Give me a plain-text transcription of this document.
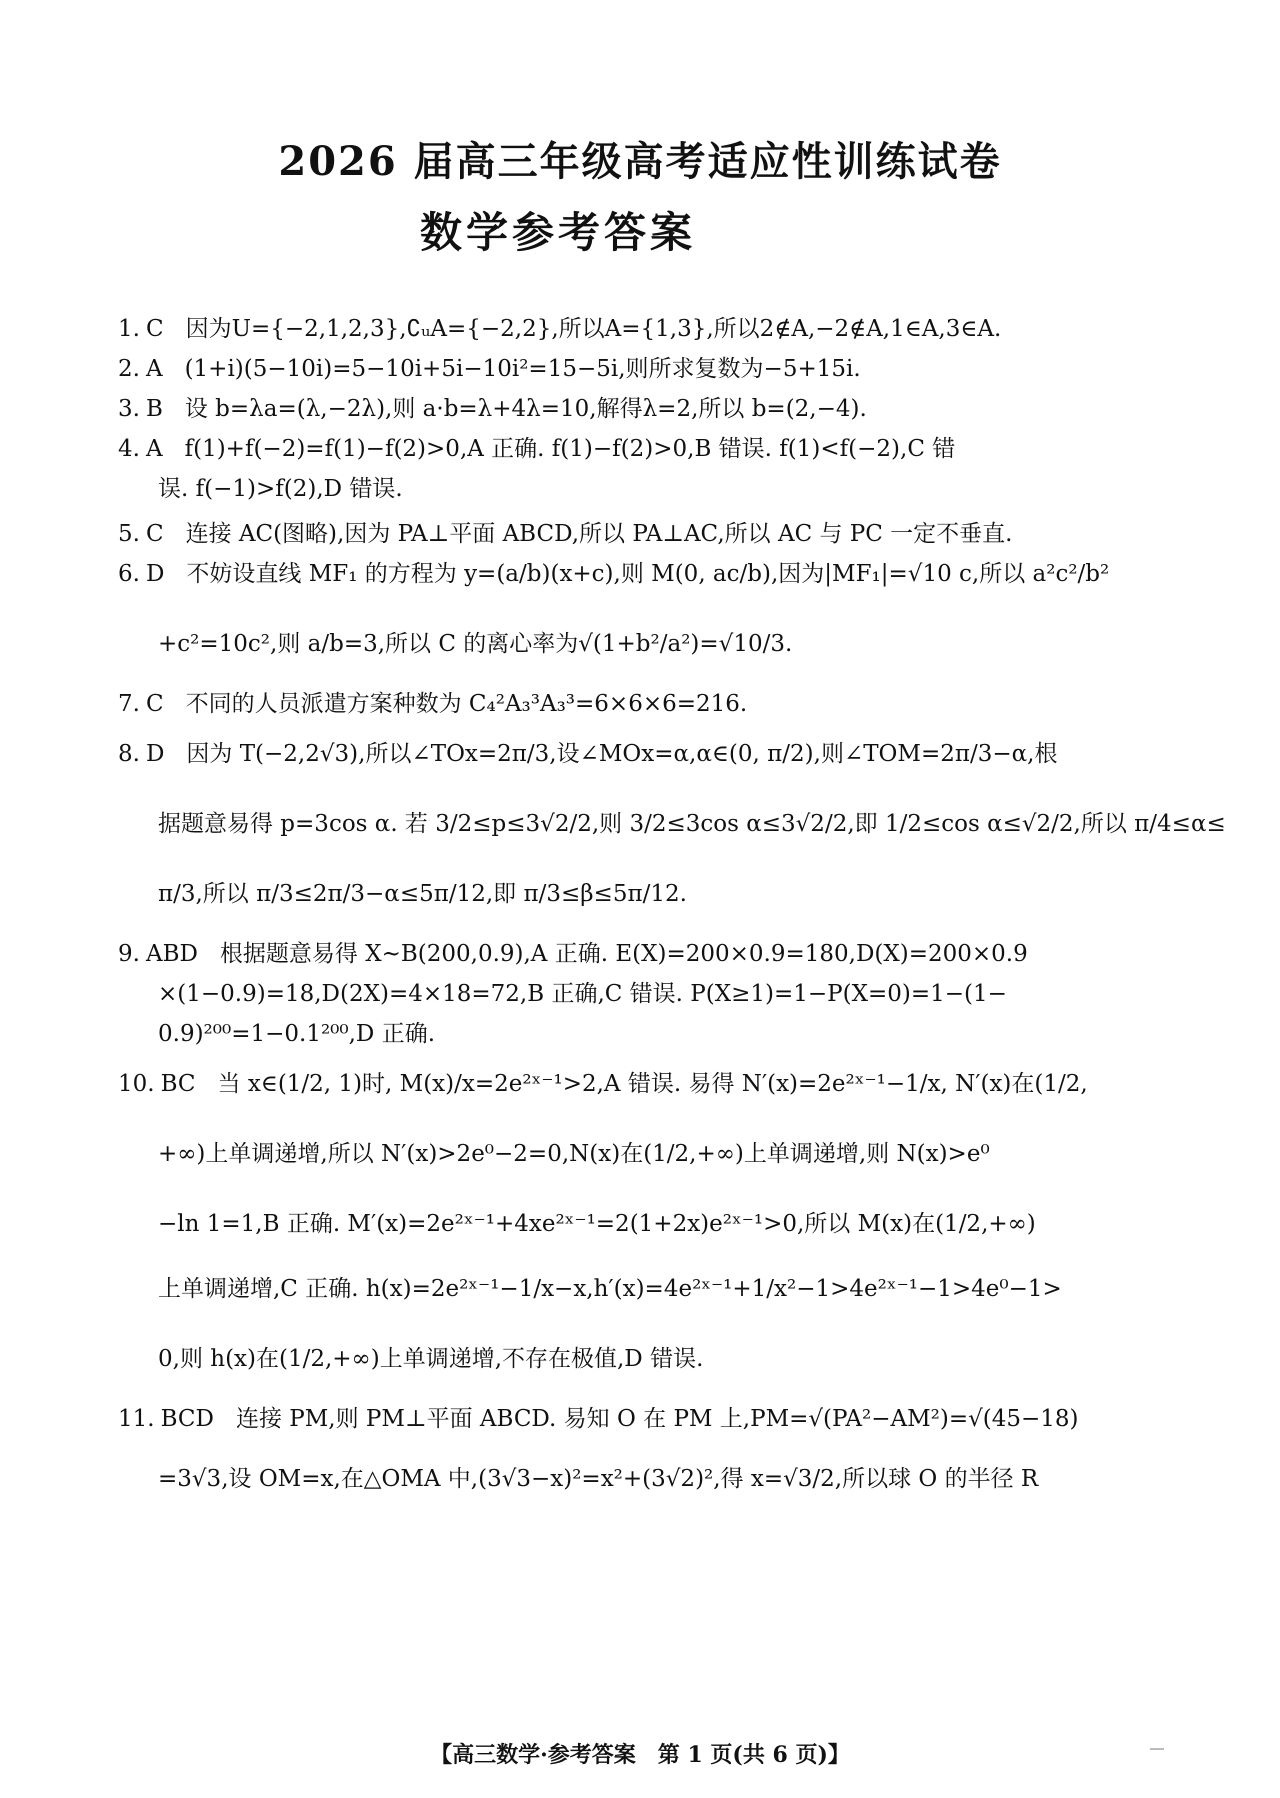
2026 届高三年级高考适应性训练试卷
数学参考答案
1. C 因为U={−2,1,2,3},∁ᵤA={−2,2},所以A={1,3},所以2∉A,−2∉A,1∈A,3∈A.
2. A (1+i)(5−10i)=5−10i+5i−10i²=15−5i,则所求复数为−5+15i.
3. B 设 b=λa=(λ,−2λ),则 a·b=λ+4λ=10,解得λ=2,所以 b=(2,−4).
4. A f(1)+f(−2)=f(1)−f(2)>0,A 正确. f(1)−f(2)>0,B 错误. f(1)<f(−2),C 错
误. f(−1)>f(2),D 错误.
5. C 连接 AC(图略),因为 PA⊥平面 ABCD,所以 PA⊥AC,所以 AC 与 PC 一定不垂直.
6. D 不妨设直线 MF₁ 的方程为 y=(a/b)(x+c),则 M(0, ac/b),因为|MF₁|=√10 c,所以 a²c²/b²
+c²=10c²,则 a/b=3,所以 C 的离心率为√(1+b²/a²)=√10/3.
7. C 不同的人员派遣方案种数为 C₄²A₃³A₃³=6×6×6=216.
8. D 因为 T(−2,2√3),所以∠TOx=2π/3,设∠MOx=α,α∈(0, π/2),则∠TOM=2π/3−α,根
据题意易得 p=3cos α. 若 3/2≤p≤3√2/2,则 3/2≤3cos α≤3√2/2,即 1/2≤cos α≤√2/2,所以 π/4≤α≤
π/3,所以 π/3≤2π/3−α≤5π/12,即 π/3≤β≤5π/12.
9. ABD 根据题意易得 X~B(200,0.9),A 正确. E(X)=200×0.9=180,D(X)=200×0.9
×(1−0.9)=18,D(2X)=4×18=72,B 正确,C 错误. P(X≥1)=1−P(X=0)=1−(1−
0.9)²⁰⁰=1−0.1²⁰⁰,D 正确.
10. BC 当 x∈(1/2, 1)时, M(x)/x=2e²ˣ⁻¹>2,A 错误. 易得 N′(x)=2e²ˣ⁻¹−1/x, N′(x)在(1/2,
+∞)上单调递增,所以 N′(x)>2e⁰−2=0,N(x)在(1/2,+∞)上单调递增,则 N(x)>e⁰
−ln 1=1,B 正确. M′(x)=2e²ˣ⁻¹+4xe²ˣ⁻¹=2(1+2x)e²ˣ⁻¹>0,所以 M(x)在(1/2,+∞)
上单调递增,C 正确. h(x)=2e²ˣ⁻¹−1/x−x,h′(x)=4e²ˣ⁻¹+1/x²−1>4e²ˣ⁻¹−1>4e⁰−1>
0,则 h(x)在(1/2,+∞)上单调递增,不存在极值,D 错误.
11. BCD 连接 PM,则 PM⊥平面 ABCD. 易知 O 在 PM 上,PM=√(PA²−AM²)=√(45−18)
=3√3,设 OM=x,在△OMA 中,(3√3−x)²=x²+(3√2)²,得 x=√3/2,所以球 O 的半径 R
【高三数学·参考答案　第 1 页(共 6 页)】
